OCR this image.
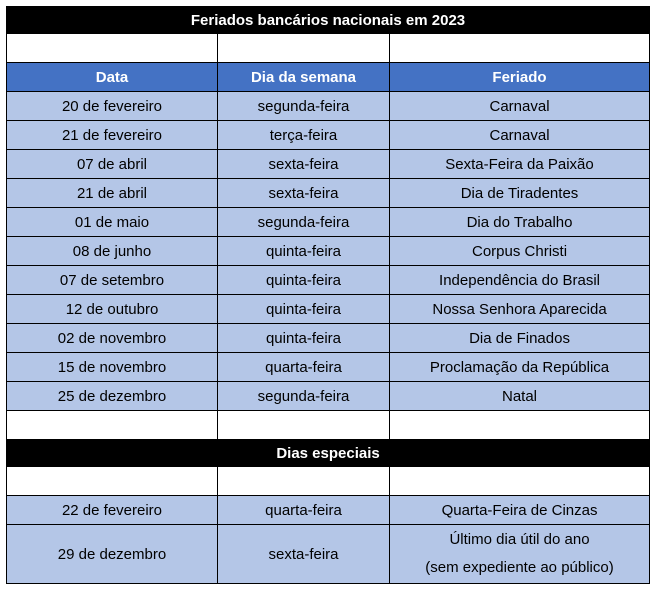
Feriados bancários nacionais em 2023		

Data	Dia da semana	Feriado
20 de fevereiro	segunda-feira	Carnaval
21 de fevereiro	terça-feira	Carnaval
07 de abril	sexta-feira	Sexta-Feira da Paixão
21 de abril	sexta-feira	Dia de Tiradentes
01 de maio	segunda-feira	Dia do Trabalho
08 de junho	quinta-feira	Corpus Christi
07 de setembro	quinta-feira	Independência do Brasil
12 de outubro	quinta-feira	Nossa Senhora Aparecida
02 de novembro	quinta-feira	Dia de Finados
15 de novembro	quarta-feira	Proclamação da República
25 de dezembro	segunda-feira	Natal

Dias especiais		

22 de fevereiro	quarta-feira	Quarta-Feira de Cinzas
29 de dezembro	sexta-feira	Último dia útil do ano
(sem expediente ao público)
